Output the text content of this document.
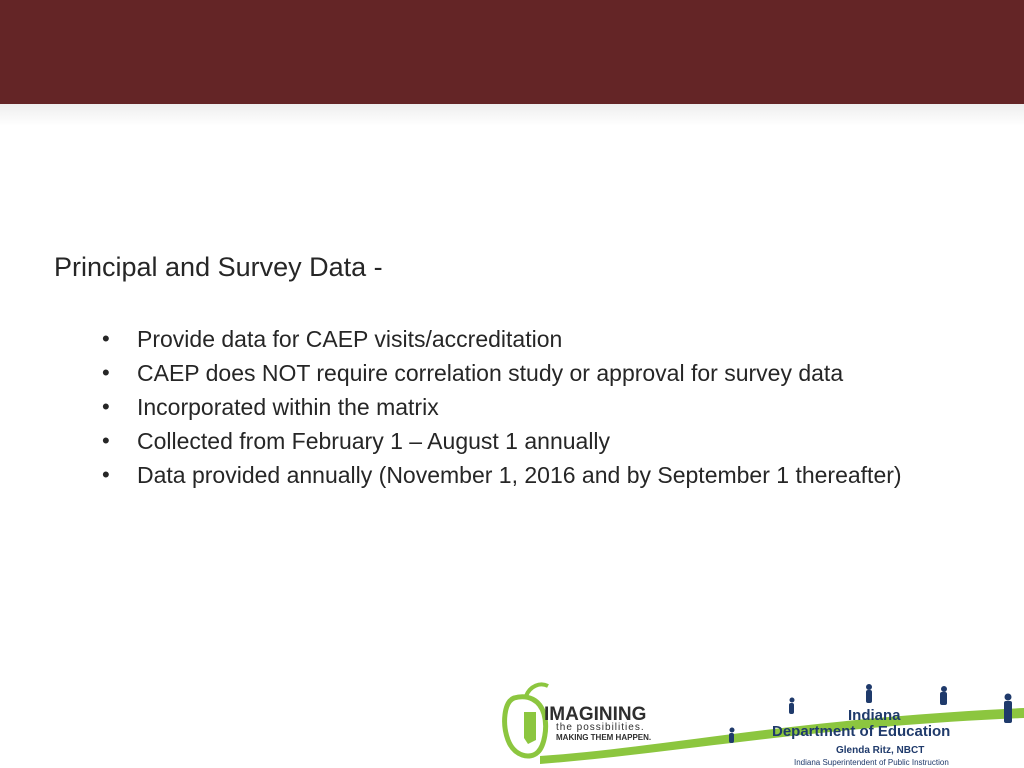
Principal and Survey Data -
• Provide data for CAEP visits/accreditation
• CAEP does NOT require correlation study or approval for survey data
• Incorporated within the matrix
• Collected from February 1 – August 1 annually
• Data provided annually (November 1, 2016 and by September 1 thereafter)
IMAGINING
the possibilities.
MAKING THEM HAPPEN.
Indiana
Department of Education
Glenda Ritz, NBCT
Indiana Superintendent of Public Instruction
